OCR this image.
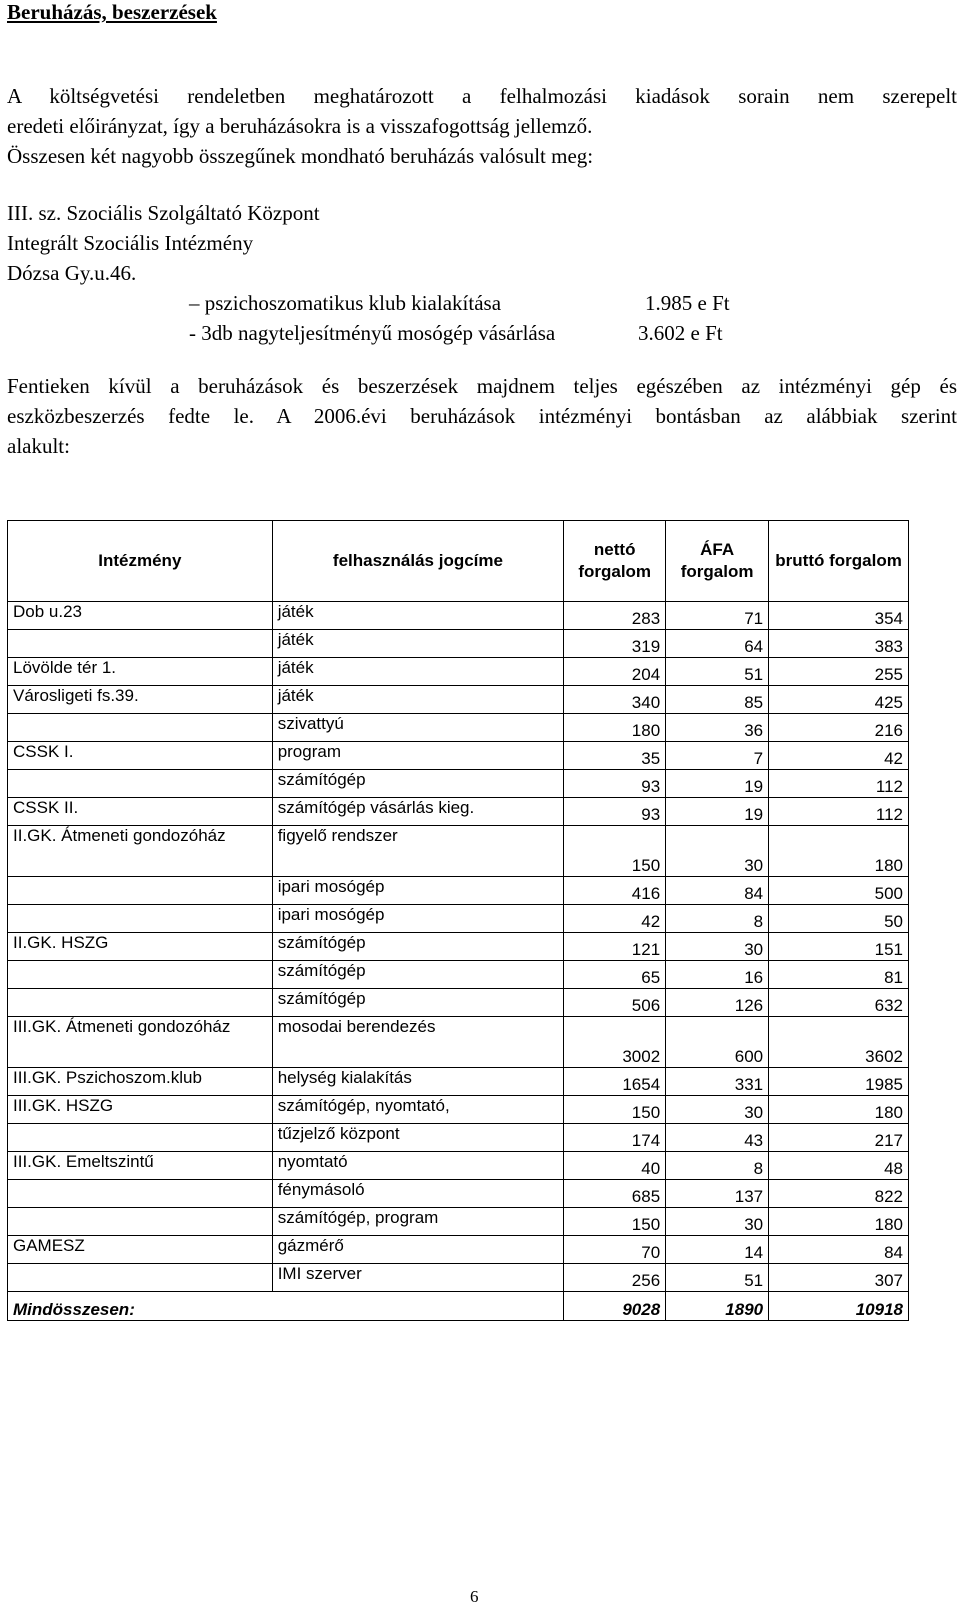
Beruházás, beszerzések
A költségvetési rendeletben meghatározott a felhalmozási kiadások sorain nem szerepelt
eredeti előirányzat, így a beruházásokra is a visszafogottság jellemző.
Összesen két nagyobb összegűnek mondható beruházás valósult meg:
III. sz. Szociális Szolgáltató Központ
Integrált Szociális Intézmény
Dózsa Gy.u.46.
– pszichoszomatikus klub kialakítása	1.985 e Ft
- 3db nagyteljesítményű mosógép vásárlása	3.602 e Ft
Fentieken kívül a beruházások és beszerzések majdnem teljes egészében az intézményi gép és
eszközbeszerzés fedte le. A 2006.évi beruházások intézményi bontásban az alábbiak szerint
alakult:
Intézmény	felhasználás jogcíme	nettó forgalom	ÁFA forgalom	bruttó forgalom
Dob u.23	játék	283	71	354
	játék	319	64	383
Lövölde tér 1.	játék	204	51	255
Városligeti fs.39.	játék	340	85	425
	szivattyú	180	36	216
CSSK I.	program	35	7	42
	számítógép	93	19	112
CSSK II.	számítógép vásárlás kieg.	93	19	112
II.GK. Átmeneti gondozóház	figyelő rendszer	150	30	180
	ipari mosógép	416	84	500
	ipari mosógép	42	8	50
II.GK. HSZG	számítógép	121	30	151
	számítógép	65	16	81
	számítógép	506	126	632
III.GK. Átmeneti gondozóház	mosodai berendezés	3002	600	3602
III.GK. Pszichoszom.klub	helység kialakítás	1654	331	1985
III.GK. HSZG	számítógép, nyomtató,	150	30	180
	tűzjelző központ	174	43	217
III.GK. Emeltszintű	nyomtató	40	8	48
	fénymásoló	685	137	822
	számítógép, program	150	30	180
GAMESZ	gázmérő	70	14	84
	IMI szerver	256	51	307
Mindösszesen:		9028	1890	10918
6
